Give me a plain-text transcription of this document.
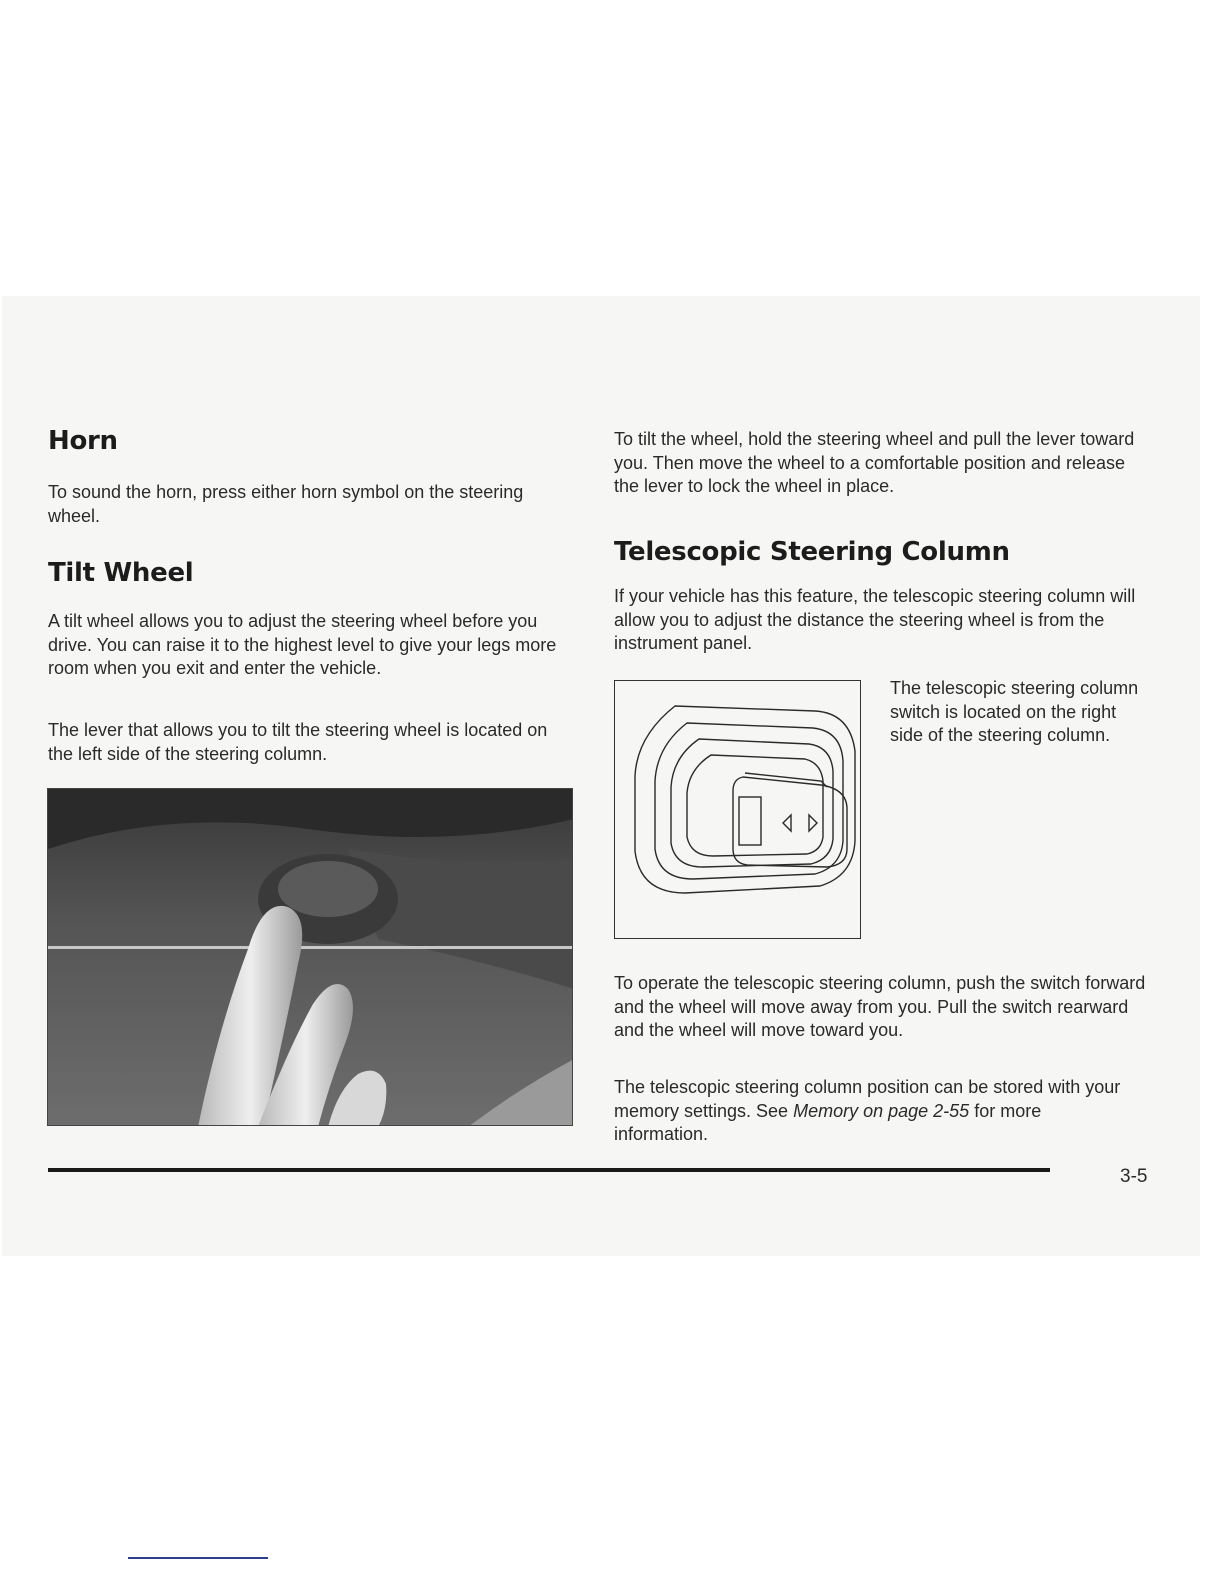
Horn

To sound the horn, press either horn symbol on the steering wheel.

Tilt Wheel

A tilt wheel allows you to adjust the steering wheel before you drive. You can raise it to the highest level to give your legs more room when you exit and enter the vehicle.

The lever that allows you to tilt the steering wheel is located on the left side of the steering column.

To tilt the wheel, hold the steering wheel and pull the lever toward you. Then move the wheel to a comfortable position and release the lever to lock the wheel in place.

Telescopic Steering Column

If your vehicle has this feature, the telescopic steering column will allow you to adjust the distance the steering wheel is from the instrument panel.

The telescopic steering column switch is located on the right side of the steering column.

To operate the telescopic steering column, push the switch forward and the wheel will move away from you. Pull the switch rearward and the wheel will move toward you.

The telescopic steering column position can be stored with your memory settings. See Memory on page 2-55 for more information.

3-5
